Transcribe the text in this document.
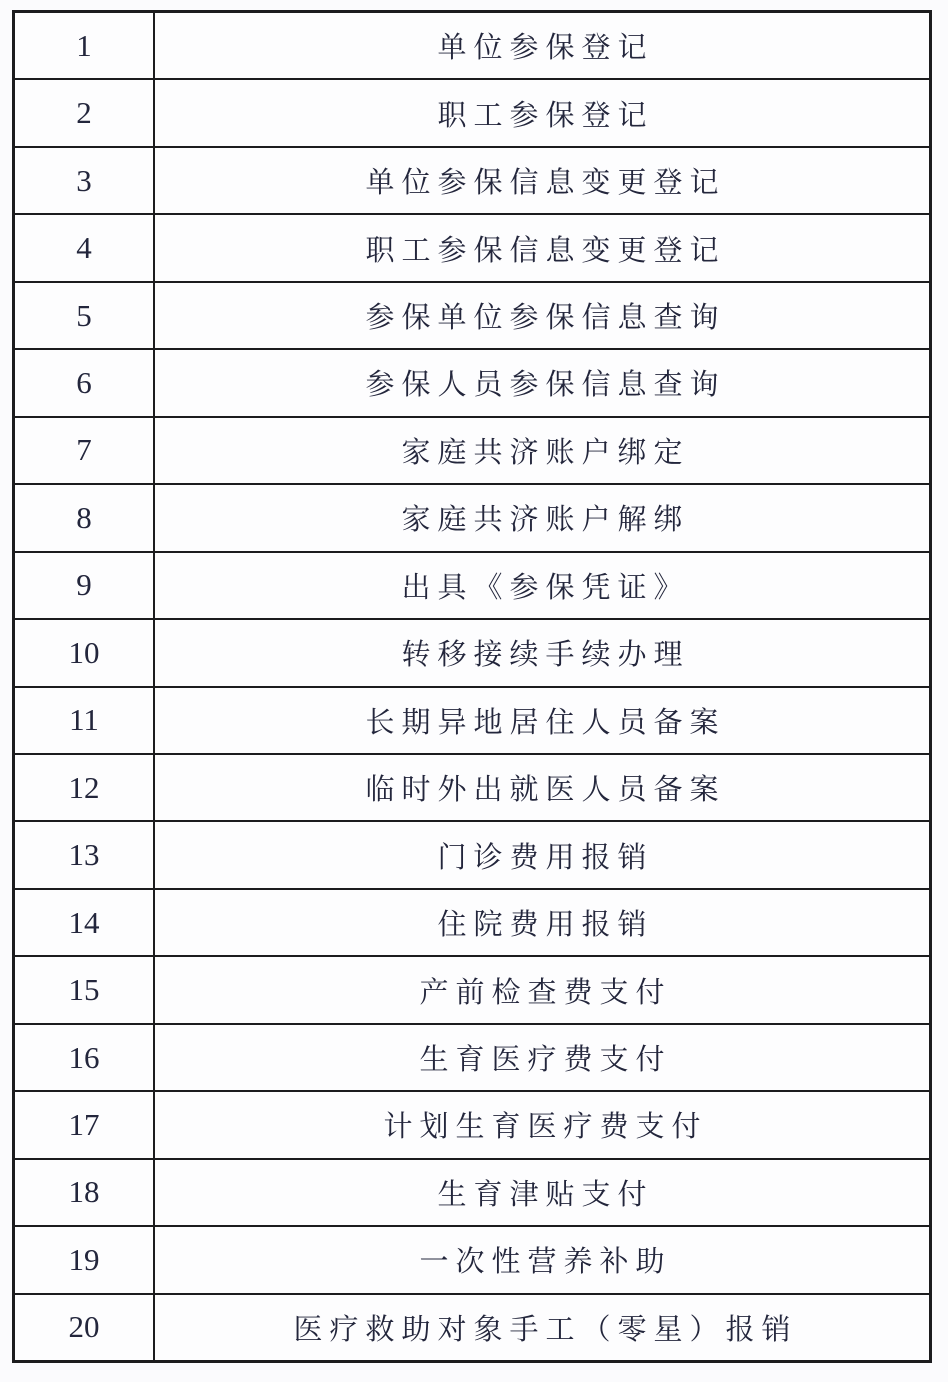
1	单位参保登记
2	职工参保登记
3	单位参保信息变更登记
4	职工参保信息变更登记
5	参保单位参保信息查询
6	参保人员参保信息查询
7	家庭共济账户绑定
8	家庭共济账户解绑
9	出具《参保凭证》
10	转移接续手续办理
11	长期异地居住人员备案
12	临时外出就医人员备案
13	门诊费用报销
14	住院费用报销
15	产前检查费支付
16	生育医疗费支付
17	计划生育医疗费支付
18	生育津贴支付
19	一次性营养补助
20	医疗救助对象手工（零星）报销
